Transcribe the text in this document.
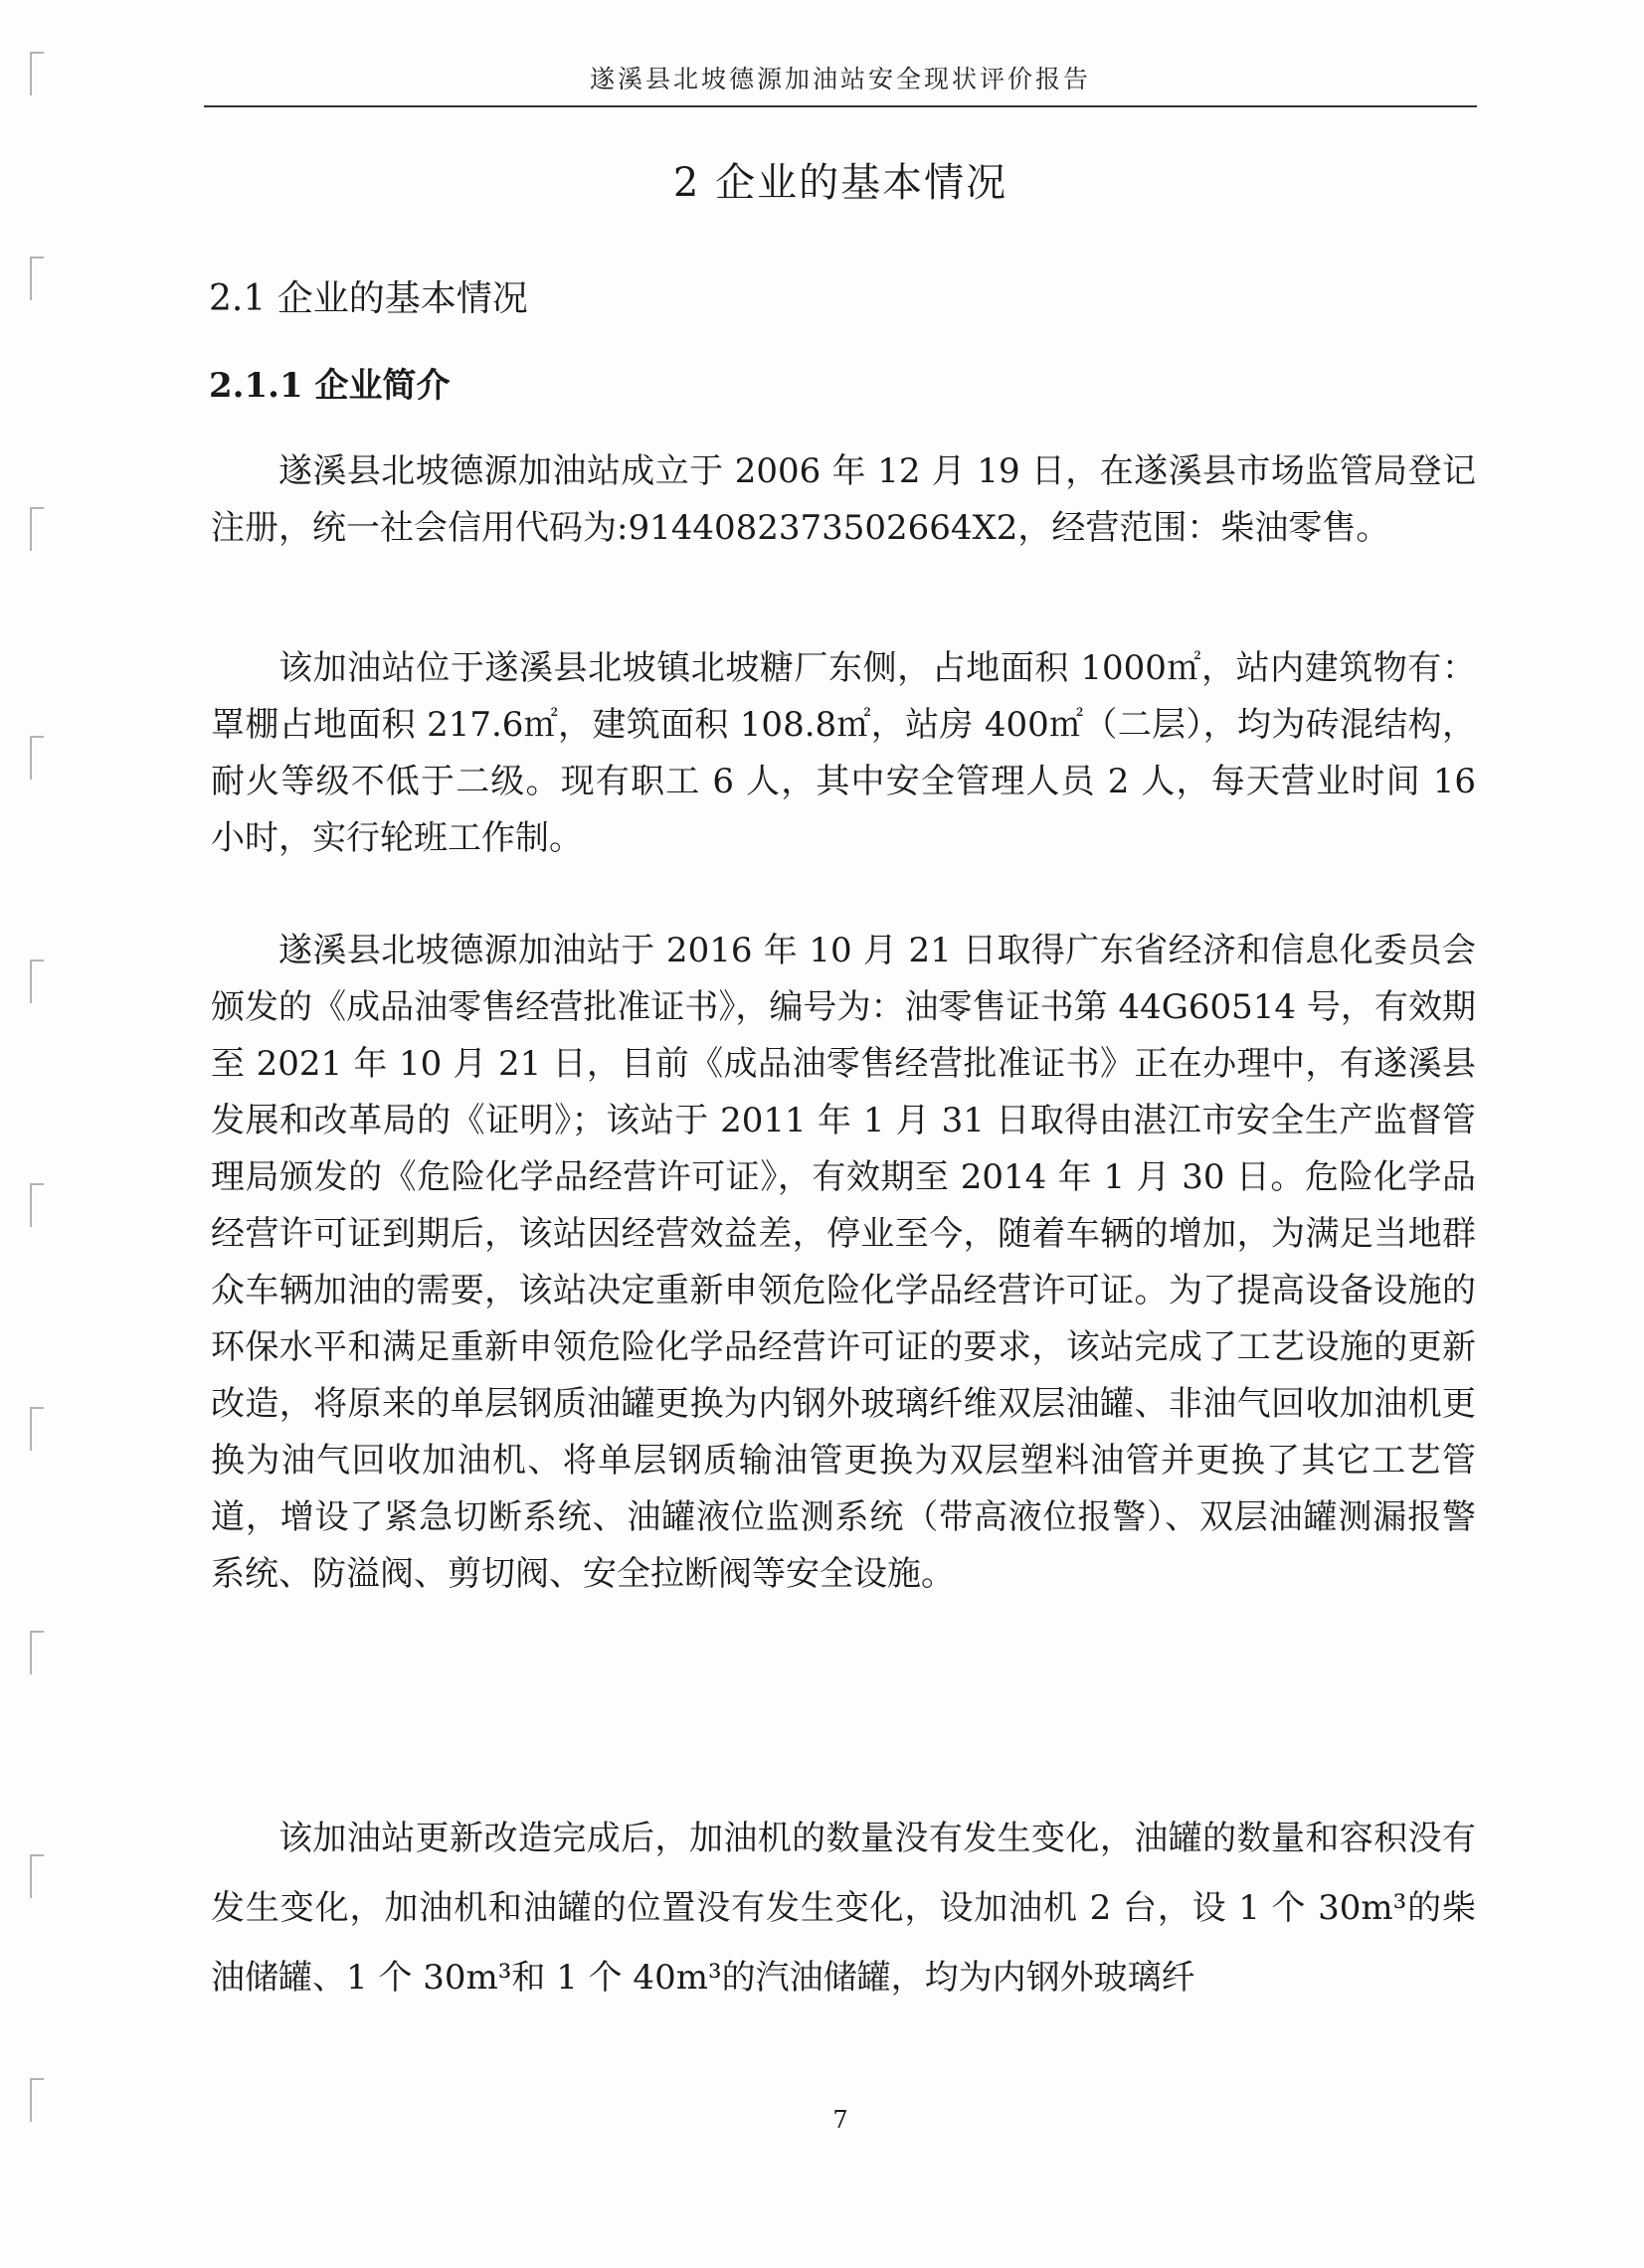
遂溪县北坡德源加油站安全现状评价报告
2 企业的基本情况
2.1 企业的基本情况
2.1.1 企业简介

遂溪县北坡德源加油站成立于 2006 年 12 月 19 日，在遂溪县市场监管局登记注册，统一社会信用代码为:9144082373502664X2，经营范围：柴油零售。

该加油站位于遂溪县北坡镇北坡糖厂东侧，占地面积 1000㎡，站内建筑物有：罩棚占地面积 217.6㎡，建筑面积 108.8㎡，站房 400㎡（二层），均为砖混结构，耐火等级不低于二级。现有职工 6 人，其中安全管理人员 2 人，每天营业时间 16 小时，实行轮班工作制。

遂溪县北坡德源加油站于 2016 年 10 月 21 日取得广东省经济和信息化委员会颁发的《成品油零售经营批准证书》，编号为：油零售证书第 44G60514 号，有效期至 2021 年 10 月 21 日，目前《成品油零售经营批准证书》正在办理中，有遂溪县发展和改革局的《证明》；该站于 2011 年 1 月 31 日取得由湛江市安全生产监督管理局颁发的《危险化学品经营许可证》，有效期至 2014 年 1 月 30 日。危险化学品经营许可证到期后，该站因经营效益差，停业至今，随着车辆的增加，为满足当地群众车辆加油的需要，该站决定重新申领危险化学品经营许可证。为了提高设备设施的环保水平和满足重新申领危险化学品经营许可证的要求，该站完成了工艺设施的更新改造，将原来的单层钢质油罐更换为内钢外玻璃纤维双层油罐、非油气回收加油机更换为油气回收加油机、将单层钢质输油管更换为双层塑料油管并更换了其它工艺管道，增设了紧急切断系统、油罐液位监测系统（带高液位报警）、双层油罐测漏报警系统、防溢阀、剪切阀、安全拉断阀等安全设施。

该加油站更新改造完成后，加油机的数量没有发生变化，油罐的数量和容积没有发生变化，加油机和油罐的位置没有发生变化，设加油机 2 台，设 1 个 30m³的柴油储罐、1 个 30m³和 1 个 40m³的汽油储罐，均为内钢外玻璃纤

7
